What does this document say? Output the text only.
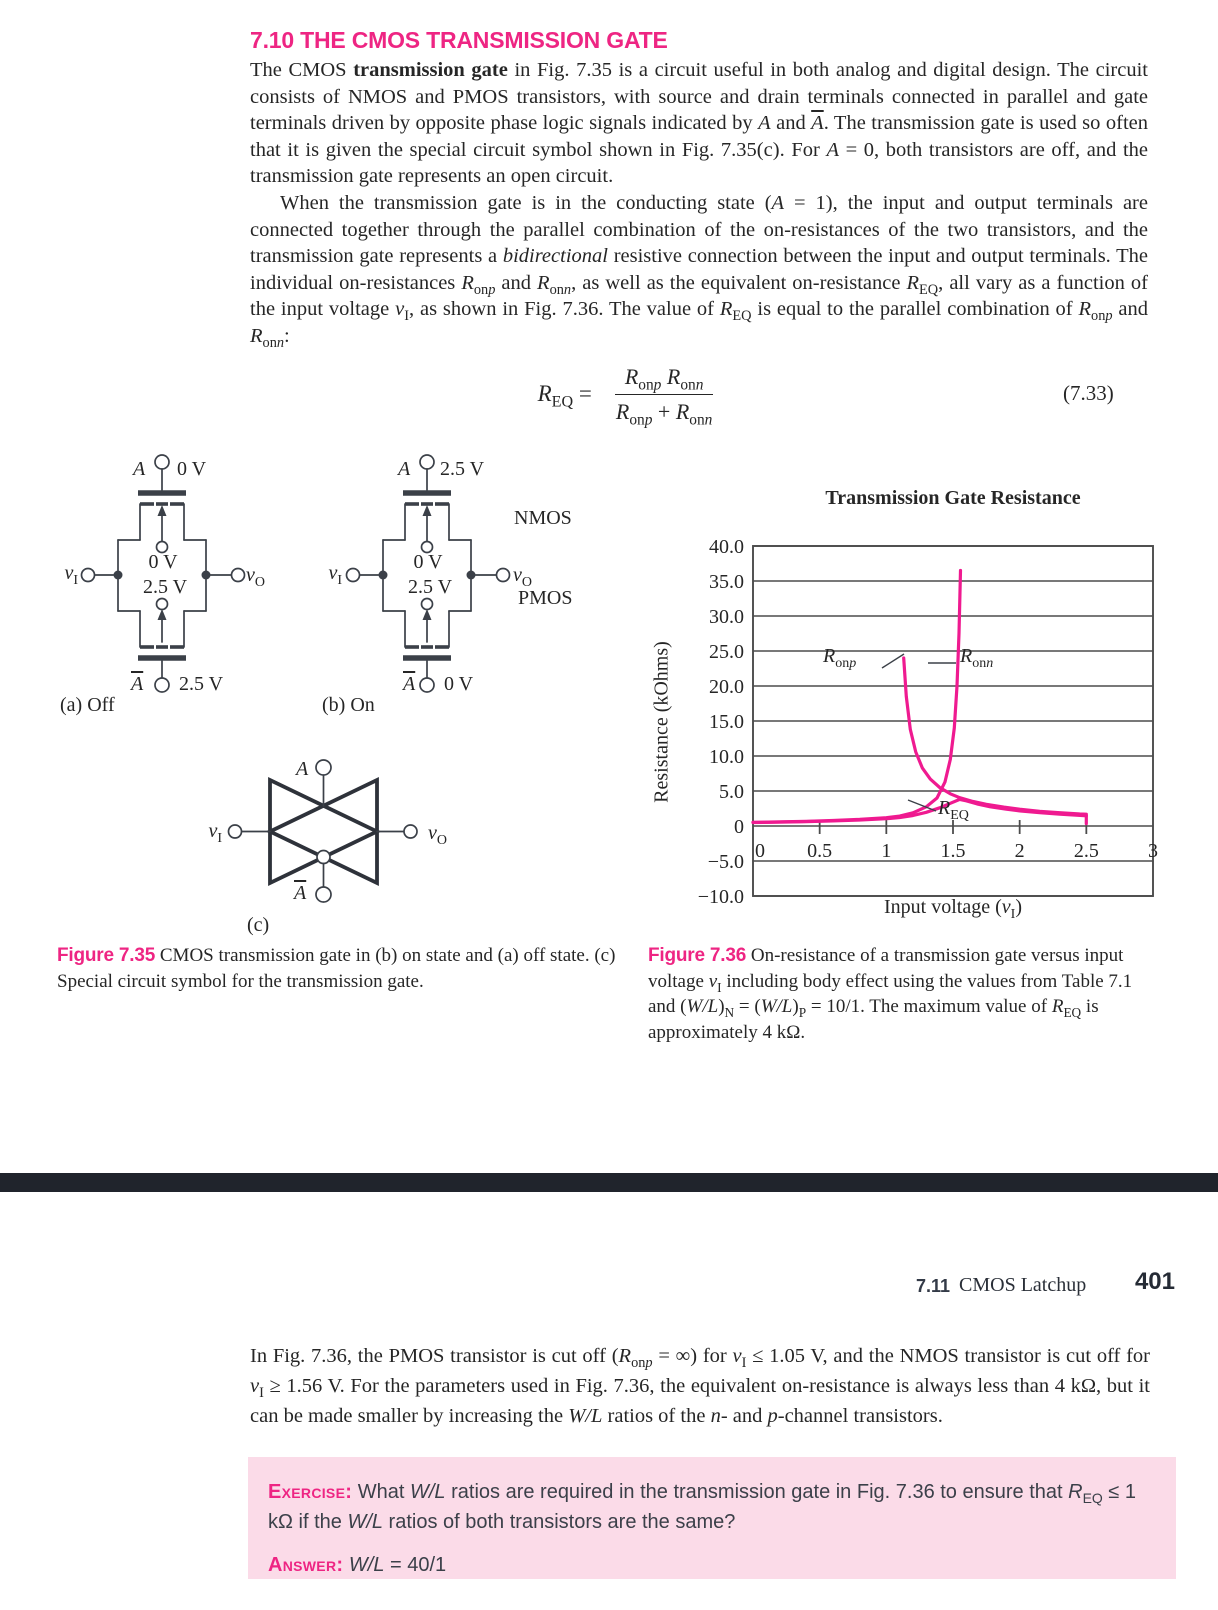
7.10 THE CMOS TRANSMISSION GATE

The CMOS transmission gate in Fig. 7.35 is a circuit useful in both analog and digital design. The circuit consists of NMOS and PMOS transistors, with source and drain terminals connected in parallel and gate terminals driven by opposite phase logic signals indicated by A and $\overline{A}$. The transmission gate is used so often that it is given the special circuit symbol shown in Fig. 7.35(c). For A = 0, both transistors are off, and the transmission gate represents an open circuit.

When the transmission gate is in the conducting state (A = 1), the input and output terminals are connected together through the parallel combination of the on-resistances of the two transistors, and the transmission gate represents a bidirectional resistive connection between the input and output terminals. The individual on-resistances $R_{onp}$ and $R_{onn}$, as well as the equivalent on-resistance $R_{EQ}$, all vary as a function of the input voltage $v_I$, as shown in Fig. 7.36. The value of $R_{EQ}$ is equal to the parallel combination of $R_{onp}$ and $R_{onn}$:

$R_{EQ} = \frac{R_{onp} R_{onn}}{R_{onp} + R_{onn}}$	(7.33)
A 0 V
0 V
2.5 V
$v_I$	$v_O$
$\overline{A}$ 2.5 V
(a) Off
A 2.5 V
NMOS
PMOS
0 V
2.5 V
$v_I$	$v_O$
$\overline{A}$ 0 V
(b) On
A
$\overline{A}$
$v_I$	$v_O$
(c)
40.0
35.0
30.0
25.0
20.0
15.0
10.0
5.0
0
−5.0
−10.0
0 0.5 1 1.5 2 2.5 3
Transmission Gate Resistance
Resistance (kOhms)
Input voltage $(v_I)$
$R_{onp}$	$R_{onn}$
$R_{EQ}$
Figure 7.35 CMOS transmission gate in (b) on state and (a) off state. (c) Special circuit symbol for the transmission gate.
Figure 7.36 On-resistance of a transmission gate versus input voltage $v_I$ including body effect using the values from Table 7.1 and $(W/L)_N = (W/L)_P = 10/1$. The maximum value of $R_{EQ}$ is approximately 4 kΩ.
7.11 CMOS Latchup	401
In Fig. 7.36, the PMOS transistor is cut off ($R_{onp}$ = ∞) for $v_I \le 1.05$ V, and the NMOS transistor is cut off for $v_I \ge 1.56$ V. For the parameters used in Fig. 7.36, the equivalent on-resistance is always less than 4 kΩ, but it can be made smaller by increasing the W/L ratios of the n- and p-channel transistors.
Exercise: What W/L ratios are required in the transmission gate in Fig. 7.36 to ensure that $R_{EQ} \le 1$ kΩ if the W/L ratios of both transistors are the same?
Answer: W/L = 40/1
